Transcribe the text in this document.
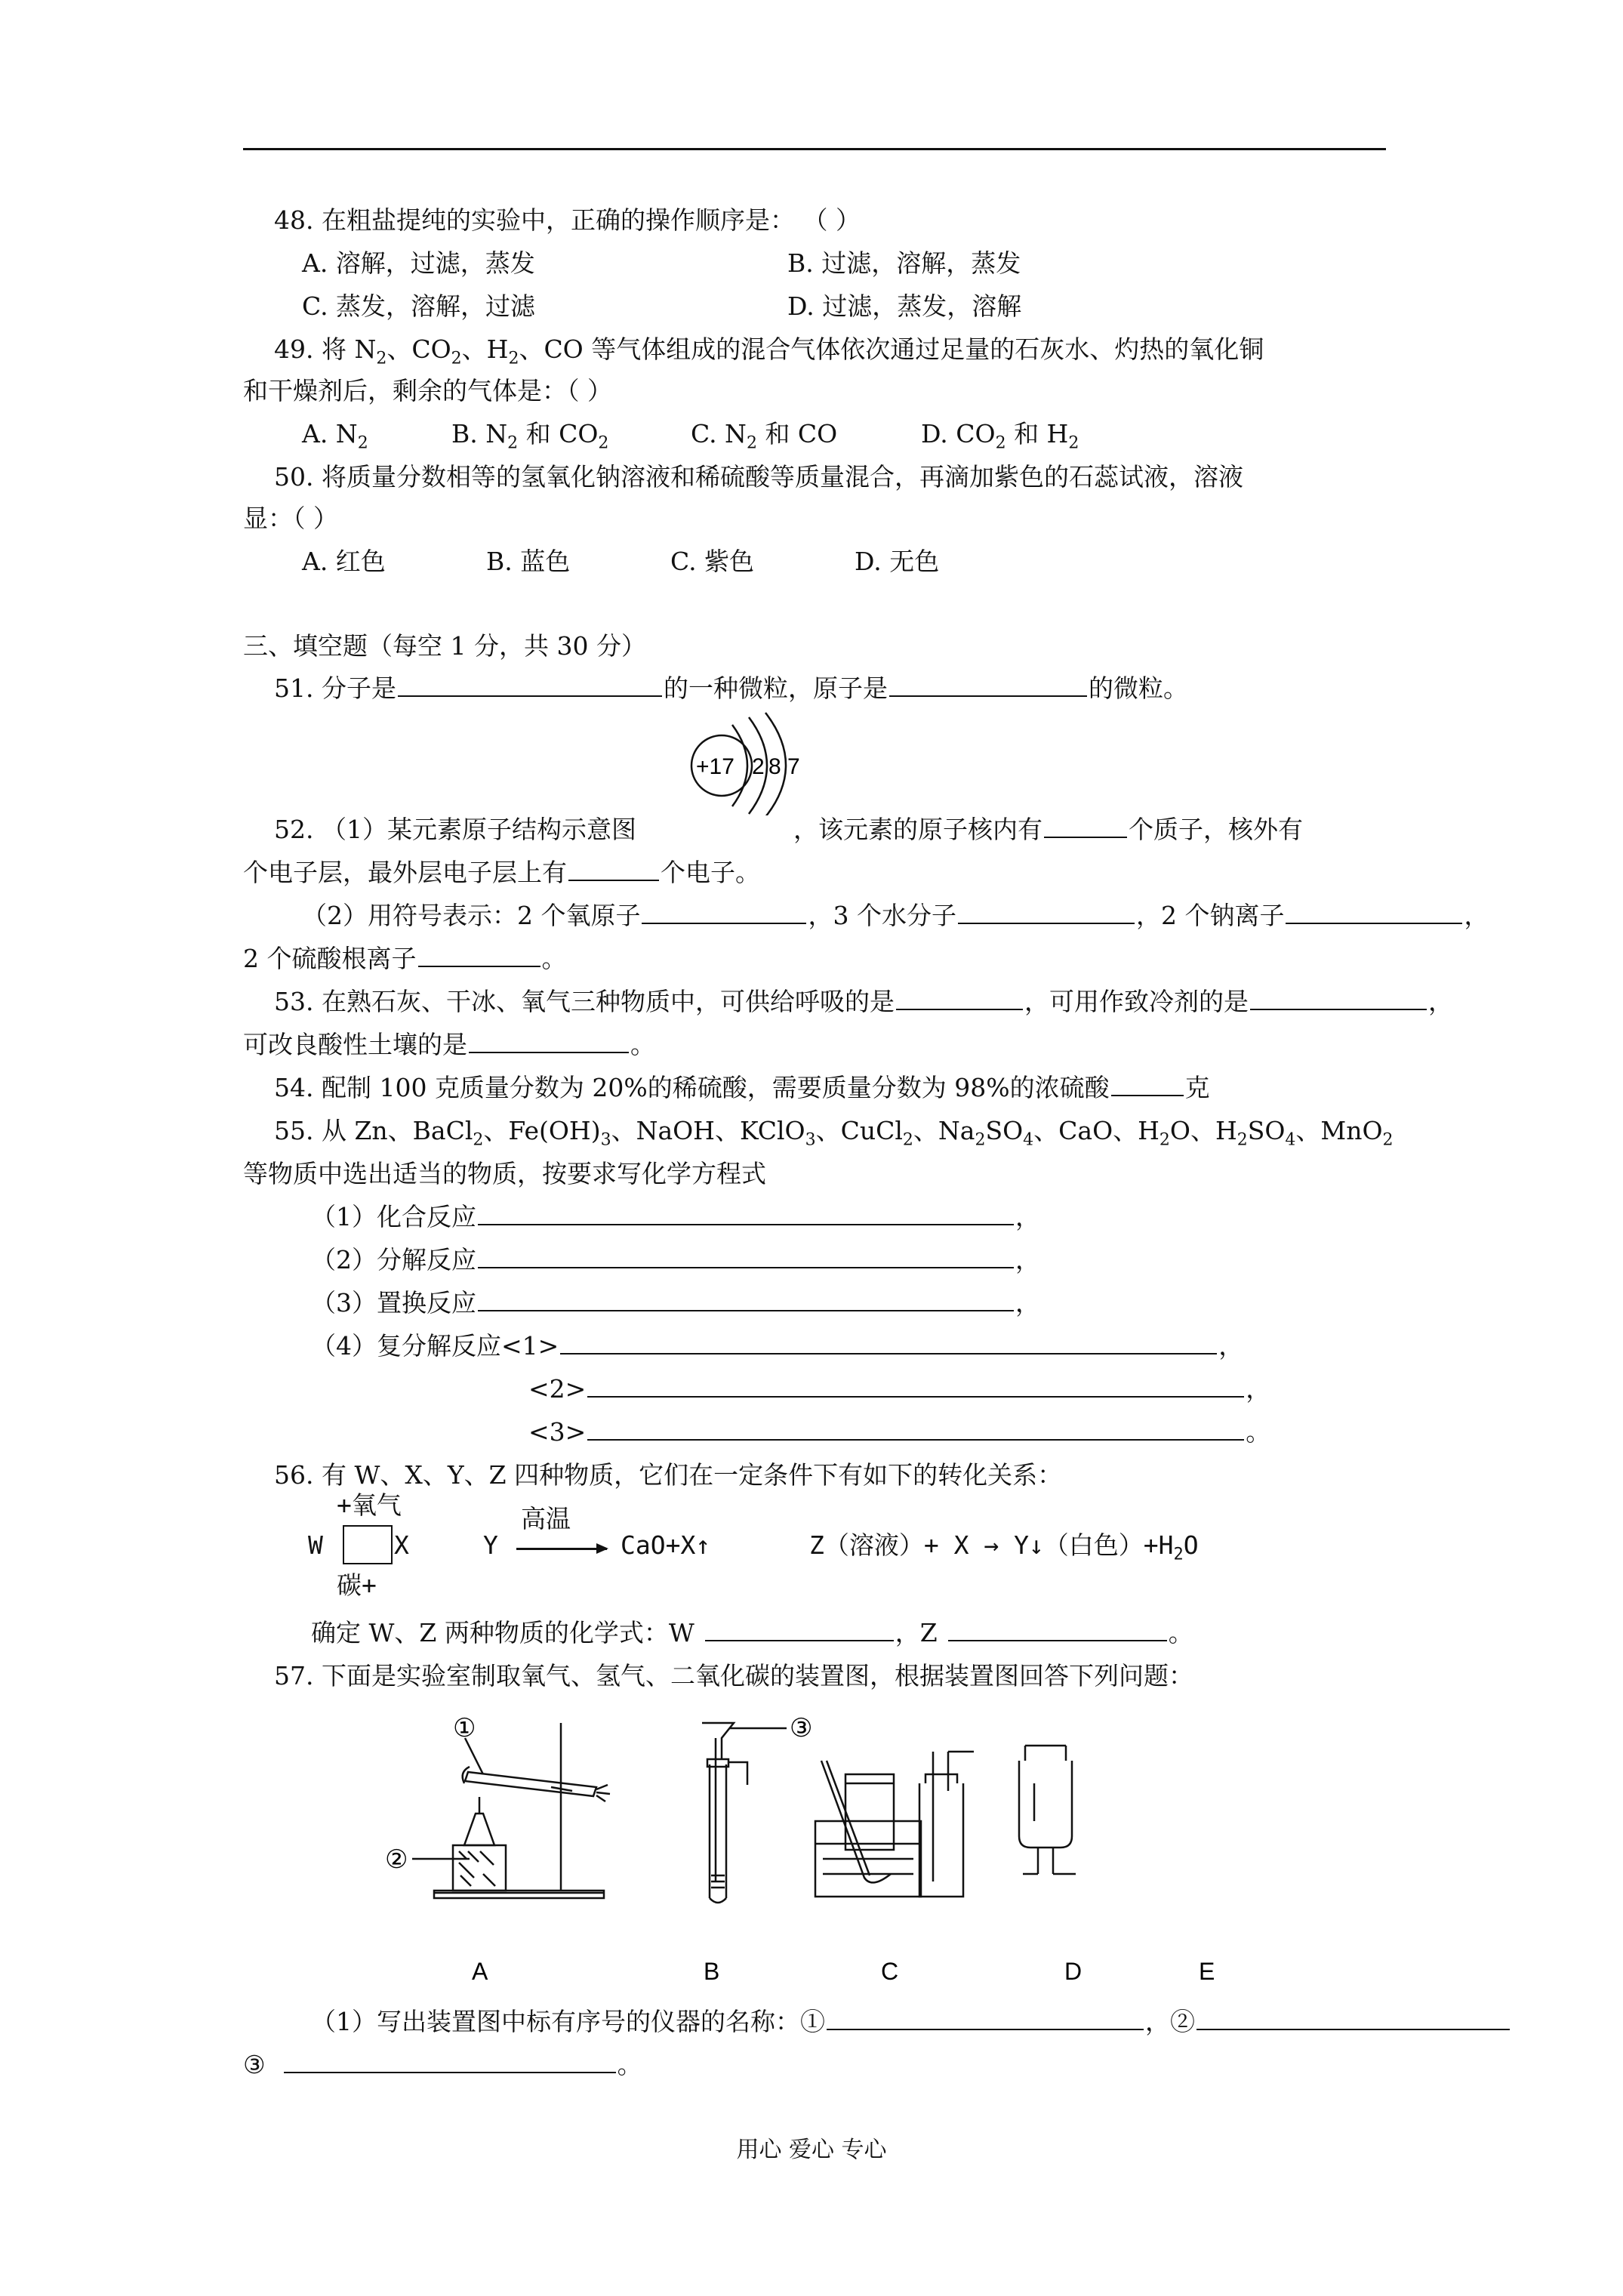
48. 在粗盐提纯的实验中，正确的操作顺序是： （ ）
A. 溶解，过滤，蒸发	B. 过滤，溶解，蒸发
C. 蒸发，溶解，过滤	D. 过滤，蒸发，溶解
49. 将 $N_2$、$CO_2$、$H_2$、CO 等气体组成的混合气体依次通过足量的石灰水、灼热的氧化铜
和干燥剂后，剩余的气体是：（ ）
A. $N_2$	B. $N_2$ 和 $CO_2$	C. $N_2$ 和 CO	D. $CO_2$ 和 $H_2$
50. 将质量分数相等的氢氧化钠溶液和稀硫酸等质量混合，再滴加紫色的石蕊试液，溶液
显：（ ）
A. 红色	B. 蓝色	C. 紫色	D. 无色
三、填空题（每空 1 分，共 30 分）
51. 分子是	的一种微粒，原子是	的微粒。
+17 2 8 7
52. （1）某元素原子结构示意图	，该元素的原子核内有	个质子，核外有
个电子层，最外层电子层上有	个电子。
（2）用符号表示：2 个氧原子	，3 个水分子	，2 个钠离子	，
2 个硫酸根离子	。
53. 在熟石灰、干冰、氧气三种物质中，可供给呼吸的是	，可用作致冷剂的是	，
可改良酸性土壤的是	。
54. 配制 100 克质量分数为 20%的稀硫酸，需要质量分数为 98%的浓硫酸	克
55. 从 Zn、BaCl$_2$、$Fe(OH)_3$、NaOH、KClO$_3$、CuCl$_2$、$Na_2SO_4$、CaO、$H_2O$、$H_2SO_4$、MnO$_2$
等物质中选出适当的物质，按要求写化学方程式
（1）化合反应	，
（2）分解反应	，
（3）置换反应	，
（4）复分解反应<1>	，
<2>	，
<3>	。
56. 有 W、X、Y、Z 四种物质，它们在一定条件下有如下的转化关系：
+氧气
W	X
碳+
Y
高温
CaO+X↑	Z（溶液）+ X → Y↓（白色）$+H_2O$
确定 W、Z 两种物质的化学式：W	，Z	。
57. 下面是实验室制取氧气、氢气、二氧化碳的装置图，根据装置图回答下列问题：
①
②
③
A	B	C	D	E
（1）写出装置图中标有序号的仪器的名称：①	，②
③	。
用心 爱心 专心
